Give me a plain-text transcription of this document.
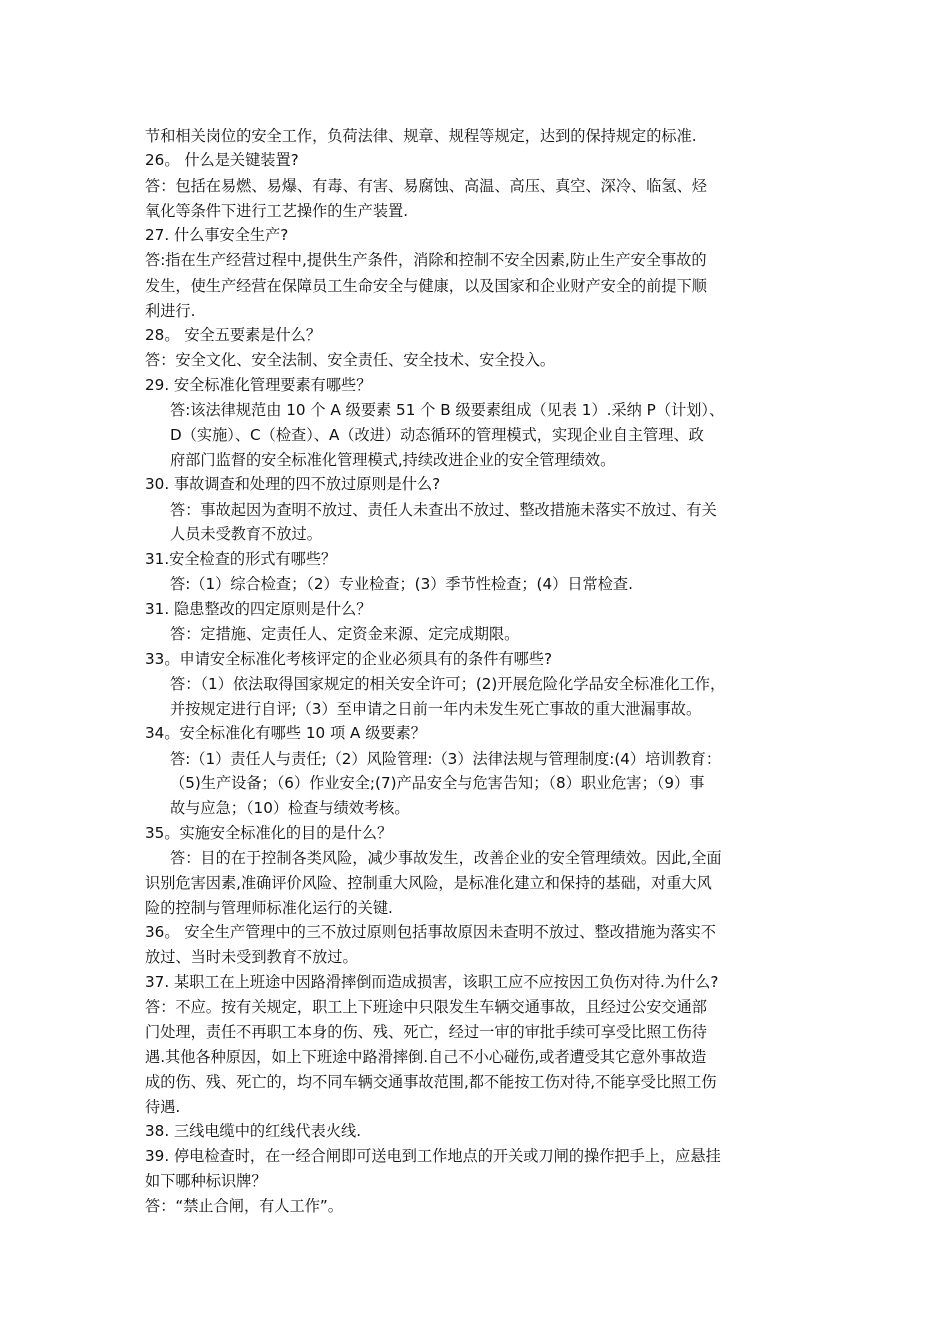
节和相关岗位的安全工作，负荷法律、规章、规程等规定，达到的保持规定的标准.
26。 什么是关键装置?
答：包括在易燃、易爆、有毒、有害、易腐蚀、高温、高压、真空、深冷、临氢、烃
氧化等条件下进行工艺操作的生产装置.
27. 什么事安全生产?
答:指在生产经营过程中,提供生产条件，消除和控制不安全因素,防止生产安全事故的
发生，使生产经营在保障员工生命安全与健康，以及国家和企业财产安全的前提下顺
利进行.
28。 安全五要素是什么？
答：安全文化、安全法制、安全责任、安全技术、安全投入。
29. 安全标准化管理要素有哪些？
答:该法律规范由 10 个 A 级要素 51 个 B 级要素组成（见表 1）.采纳 P（计划）、
D（实施）、C（检查）、A（改进）动态循环的管理模式，实现企业自主管理、政
府部门监督的安全标准化管理模式,持续改进企业的安全管理绩效。
30. 事故调查和处理的四不放过原则是什么?
答：事故起因为查明不放过、责任人未查出不放过、整改措施未落实不放过、有关
人员未受教育不放过。
31.安全检查的形式有哪些？
答:（1）综合检查；（2）专业检查；(3）季节性检查；(4）日常检查.
31. 隐患整改的四定原则是什么？
答：定措施、定责任人、定资金来源、定完成期限。
33。申请安全标准化考核评定的企业必须具有的条件有哪些?
答：（1）依法取得国家规定的相关安全许可；(2)开展危险化学品安全标准化工作，
并按规定进行自评;（3）至申请之日前一年内未发生死亡事故的重大泄漏事故。
34。安全标准化有哪些 10 项 A 级要素？
答:（1）责任人与责任;（2）风险管理:（3）法律法规与管理制度:(4）培训教育：
（5)生产设备；（6）作业安全;(7)产品安全与危害告知；（8）职业危害；（9）事
故与应急；（10）检查与绩效考核。
35。实施安全标准化的目的是什么？
答：目的在于控制各类风险，减少事故发生，改善企业的安全管理绩效。因此,全面
识别危害因素,准确评价风险、控制重大风险，是标准化建立和保持的基础，对重大风
险的控制与管理师标准化运行的关键.
36。 安全生产管理中的三不放过原则包括事故原因未查明不放过、整改措施为落实不
放过、当时未受到教育不放过。
37. 某职工在上班途中因路滑摔倒而造成损害，该职工应不应按因工负伤对待.为什么?
答：不应。按有关规定，职工上下班途中只限发生车辆交通事故，且经过公安交通部
门处理，责任不再职工本身的伤、残、死亡，经过一审的审批手续可享受比照工伤待
遇.其他各种原因，如上下班途中路滑摔倒.自己不小心碰伤,或者遭受其它意外事故造
成的伤、残、死亡的，均不同车辆交通事故范围,都不能按工伤对待,不能享受比照工伤
待遇.
38. 三线电缆中的红线代表火线.
39. 停电检查时，在一经合闸即可送电到工作地点的开关或刀闸的操作把手上，应悬挂
如下哪种标识牌？
答：“禁止合闸，有人工作”。
